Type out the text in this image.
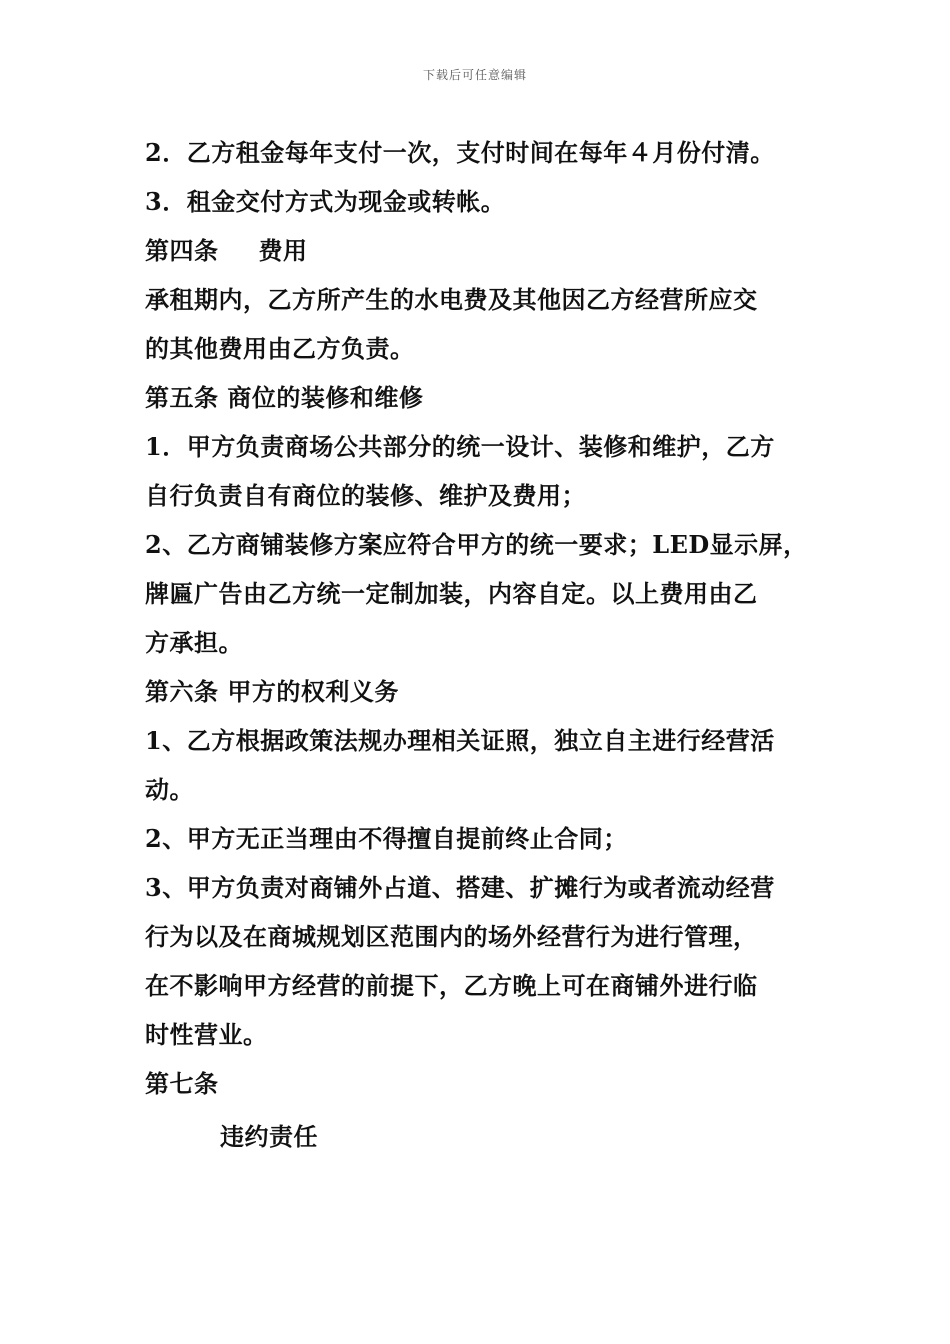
下载后可任意编辑
2．乙方租金每年支付一次，支付时间在每年４月份付清。
3．租金交付方式为现金或转帐。
第四条 费用
承租期内，乙方所产生的水电费及其他因乙方经营所应交
的其他费用由乙方负责。
第五条 商位的装修和维修
1．甲方负责商场公共部分的统一设计、装修和维护，乙方
自行负责自有商位的装修、维护及费用；
2、乙方商铺装修方案应符合甲方的统一要求；LED显示屏，
牌匾广告由乙方统一定制加装，内容自定。以上费用由乙
方承担。
第六条 甲方的权利义务
1、乙方根据政策法规办理相关证照，独立自主进行经营活
动。
2、甲方无正当理由不得擅自提前终止合同；
3、甲方负责对商铺外占道、搭建、扩摊行为或者流动经营
行为以及在商城规划区范围内的场外经营行为进行管理，
在不影响甲方经营的前提下，乙方晚上可在商铺外进行临
时性营业。
第七条
违约责任
